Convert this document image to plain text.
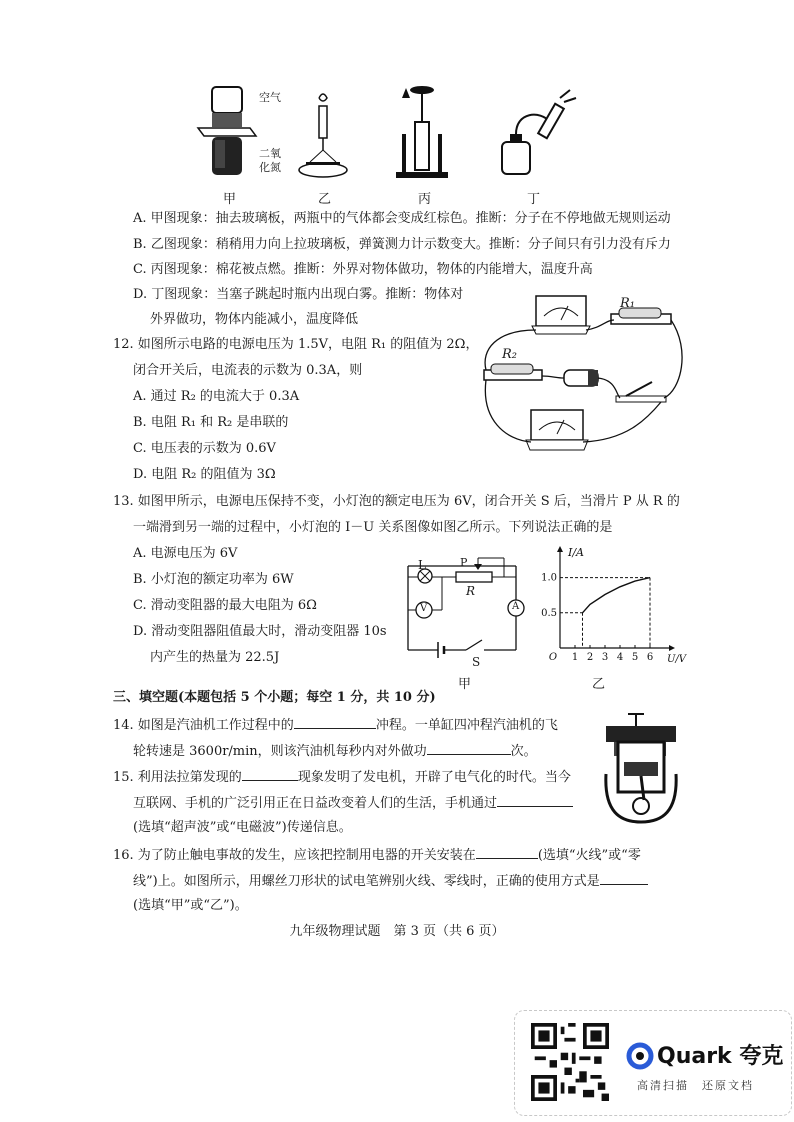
空气
二氧
化氮
甲	乙	丙	丁
A. 甲图现象：抽去玻璃板，两瓶中的气体都会变成红棕色。推断：分子在不停地做无规则运动
B. 乙图现象：稍稍用力向上拉玻璃板，弹簧测力计示数变大。推断：分子间只有引力没有斥力
C. 丙图现象：棉花被点燃。推断：外界对物体做功，物体的内能增大，温度升高
D. 丁图现象：当塞子跳起时瓶内出现白雾。推断：物体对
外界做功，物体内能减小，温度降低
R₁
R₂
12. 如图所示电路的电源电压为 1.5V，电阻 R₁ 的阻值为 2Ω，
闭合开关后，电流表的示数为 0.3A，则
A. 通过 R₂ 的电流大于 0.3A
B. 电阻 R₁ 和 R₂ 是串联的
C. 电压表的示数为 0.6V
D. 电阻 R₂ 的阻值为 3Ω
13. 如图甲所示，电源电压保持不变，小灯泡的额定电压为 6V，闭合开关 S 后，当滑片 P 从 R 的
一端滑到另一端的过程中，小灯泡的 I－U 关系图像如图乙所示。下列说法正确的是
A. 电源电压为 6V
B. 小灯泡的额定功率为 6W
C. 滑动变阻器的最大电阻为 6Ω
D. 滑动变阻器阻值最大时，滑动变阻器 10s
内产生的热量为 22.5J
L	P
R
V	A
S
甲
1 2 3 4 5 6
0.5
1.0
I/A
U/V
O
乙
三、填空题(本题包括 5 个小题；每空 1 分，共 10 分)
14. 如图是汽油机工作过程中的	冲程。一单缸四冲程汽油机的飞
轮转速是 3600r/min，则该汽油机每秒内对外做功	次。
15. 利用法拉第发现的	现象发明了发电机，开辟了电气化的时代。当今
互联网、手机的广泛引用正在日益改变着人们的生活，手机通过
(选填“超声波”或“电磁波”)传递信息。
16. 为了防止触电事故的发生，应该把控制用电器的开关安装在	(选填“火线”或“零
线”)上。如图所示，用螺丝刀形状的试电笔辨别火线、零线时，正确的使用方式是
(选填“甲”或“乙”)。
九年级物理试题　第 3 页（共 6 页）
Quark 夸克
高清扫描　还原文档
